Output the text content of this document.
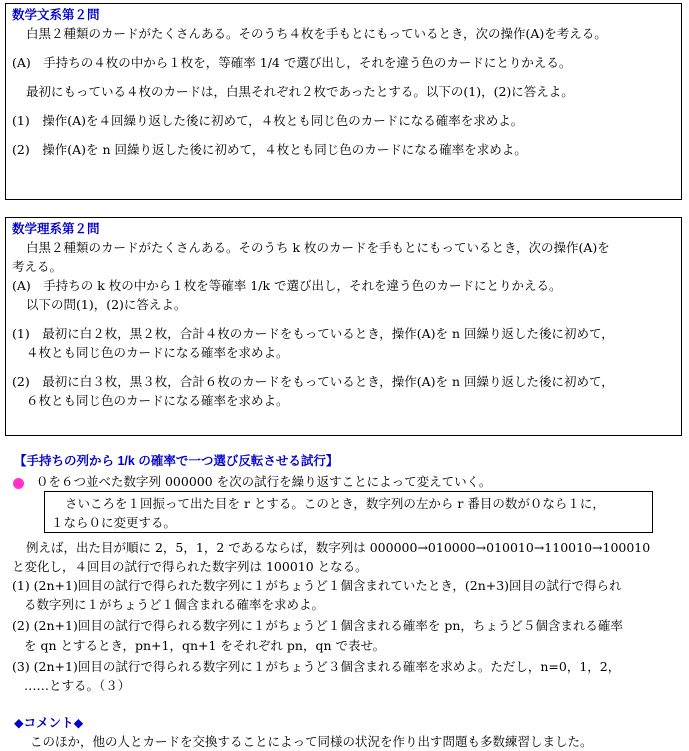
数学文系第２問

白黒２種類のカードがたくさんある。そのうち４枚を手もとにもっているとき，次の操作(A)を考える。

(A)　手持ちの４枚の中から１枚を，等確率 1/4 で選び出し，それを違う色のカードにとりかえる。

最初にもっている４枚のカードは，白黒それぞれ２枚であったとする。以下の(1)，(2)に答えよ。

(1)　操作(A)を４回繰り返した後に初めて，４枚とも同じ色のカードになる確率を求めよ。

(2)　操作(A)を n 回繰り返した後に初めて，４枚とも同じ色のカードになる確率を求めよ。

数学理系第２問

白黒２種類のカードがたくさんある。そのうち k 枚のカードを手もとにもっているとき，次の操作(A)を

考える。

(A)　手持ちの k 枚の中から１枚を等確率 1/k で選び出し，それを違う色のカードにとりかえる。

以下の問(1)，(2)に答えよ。

(1)　最初に白２枚，黒２枚，合計４枚のカードをもっているとき，操作(A)を n 回繰り返した後に初めて，

４枚とも同じ色のカードになる確率を求めよ。

(2)　最初に白３枚，黒３枚，合計６枚のカードをもっているとき，操作(A)を n 回繰り返した後に初めて，

６枚とも同じ色のカードになる確率を求めよ。

【手持ちの列から 1/k の確率で一つ選び反転させる試行】
０を６つ並べた数字列 000000 を次の試行を繰り返すことによって変えていく。
さいころを１回振って出た目を r とする。このとき，数字列の左から r 番目の数が０なら１に，
１なら０に変更する。
例えば，出た目が順に 2，5，1，2 であるならば，数字列は 000000→010000→010010→110010→100010
と変化し，４回目の試行で得られた数字列は 100010 となる。
(1) (2n+1)回目の試行で得られた数字列に１がちょうど１個含まれていたとき，(2n+3)回目の試行で得られ
る数字列に１がちょうど１個含まれる確率を求めよ。
(2) (2n+1)回目の試行で得られる数字列に１がちょうど１個含まれる確率を pn，ちょうど５個含まれる確率
を qn とするとき，pn+1，qn+1 をそれぞれ pn，qn で表せ。
(3) (2n+1)回目の試行で得られる数字列に１がちょうど３個含まれる確率を求めよ。ただし，n=0，1，2，
……とする。（３）
◆コメント◆
このほか，他の人とカードを交換することによって同様の状況を作り出す問題も多数練習しました。
